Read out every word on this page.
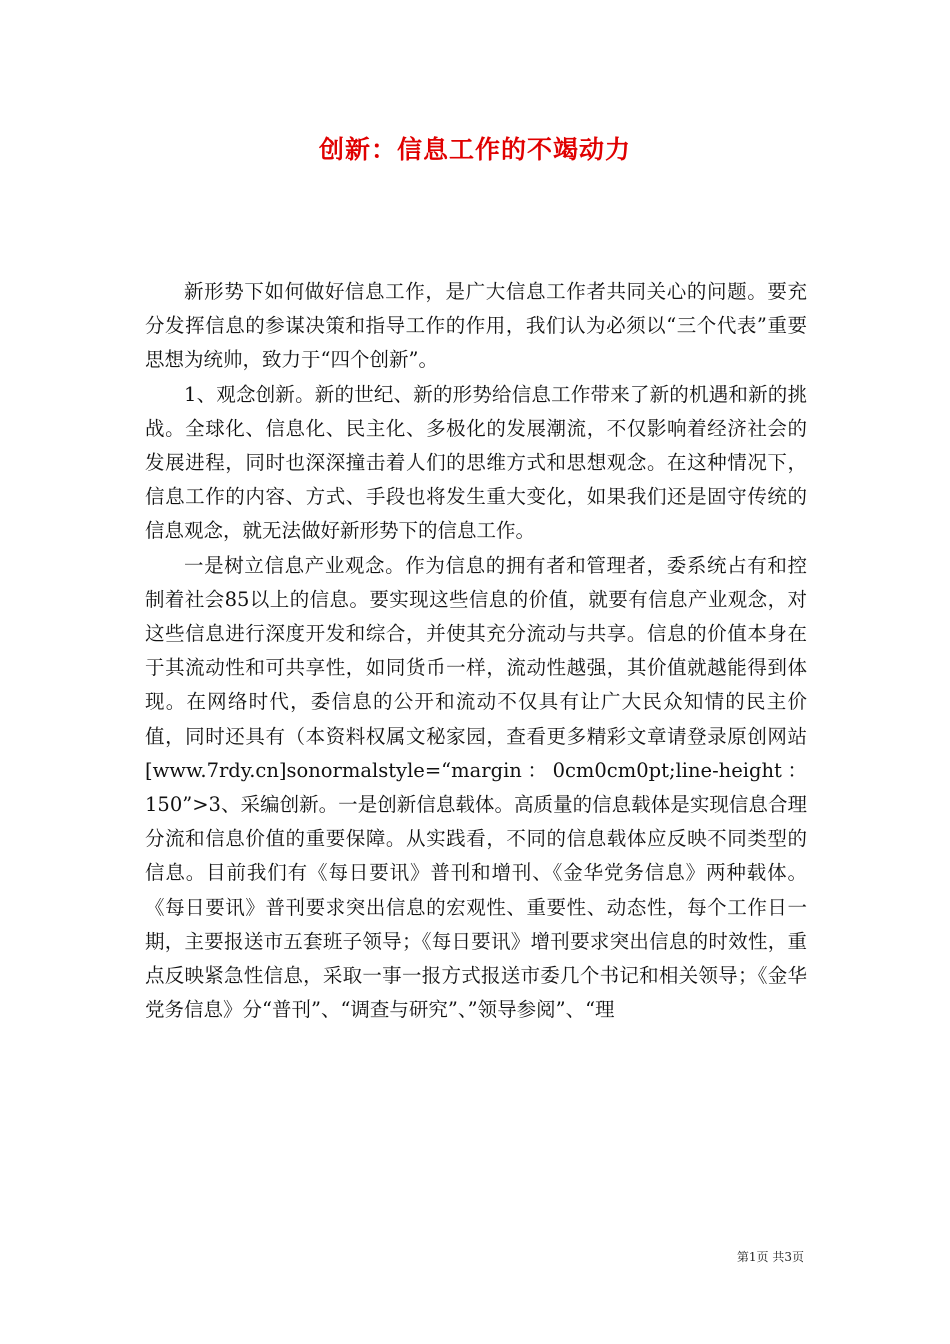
创新：信息工作的不竭动力

新形势下如何做好信息工作，是广大信息工作者共同关心的问题。要充分发挥信息的参谋决策和指导工作的作用，我们认为必须以“三个代表”重要思想为统帅，致力于“四个创新”。

1、观念创新。新的世纪、新的形势给信息工作带来了新的机遇和新的挑战。全球化、信息化、民主化、多极化的发展潮流，不仅影响着经济社会的发展进程，同时也深深撞击着人们的思维方式和思想观念。在这种情况下，信息工作的内容、方式、手段也将发生重大变化，如果我们还是固守传统的信息观念，就无法做好新形势下的信息工作。

一是树立信息产业观念。作为信息的拥有者和管理者，委系统占有和控制着社会85以上的信息。要实现这些信息的价值，就要有信息产业观念，对这些信息进行深度开发和综合，并使其充分流动与共享。信息的价值本身在于其流动性和可共享性，如同货币一样，流动性越强，其价值就越能得到体现。在网络时代，委信息的公开和流动不仅具有让广大民众知情的民主价值，同时还具有（本资料权属文秘家园，查看更多精彩文章请登录原创网站[www.7rdy.cn]sonormalstyle=“margin：0cm0cm0pt;line-height：150”>3、采编创新。一是创新信息载体。高质量的信息载体是实现信息合理分流和信息价值的重要保障。从实践看，不同的信息载体应反映不同类型的信息。目前我们有《每日要讯》普刊和增刊、《金华党务信息》两种载体。《每日要讯》普刊要求突出信息的宏观性、重要性、动态性，每个工作日一期，主要报送市五套班子领导；《每日要讯》增刊要求突出信息的时效性，重点反映紧急性信息，采取一事一报方式报送市委几个书记和相关领导；《金华党务信息》分“普刊”、“调查与研究”、”领导参阅”、“理

第1页 共3页
